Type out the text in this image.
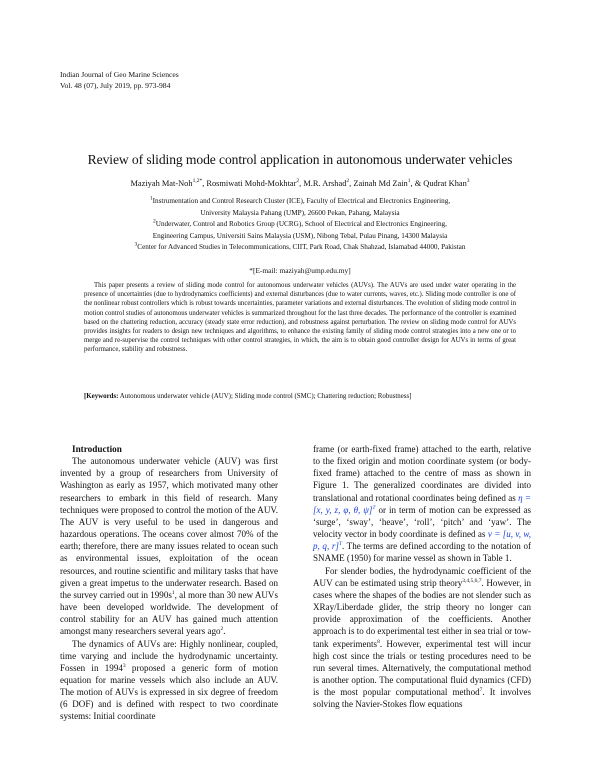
Indian Journal of Geo Marine Sciences
Vol. 48 (07), July 2019, pp. 973-984
Review of sliding mode control application in autonomous underwater vehicles
Maziyah Mat-Noh$^{1,2*}$, Rosmiwati Mohd-Mokhtar$^2$, M.R. Arshad$^2$, Zainah Md Zain$^1$, & Qudrat Khan$^3$
$^1$Instrumentation and Control Research Cluster (ICE), Faculty of Electrical and Electronics Engineering,
University Malaysia Pahang (UMP), 26600 Pekan, Pahang, Malaysia
$^2$Underwater, Control and Robotics Group (UCRG), School of Electrical and Electronics Engineering,
Engineering Campus, Universiti Sains Malaysia (USM), Nibong Tebal, Pulau Pinang, 14300 Malaysia
$^3$Center for Advanced Studies in Telecommunications, CIIT, Park Road, Chak Shahzad, Islamabad 44000, Pakistan
*[E-mail: maziyah@ump.edu.my]

This paper presents a review of sliding mode control for autonomous underwater vehicles (AUVs). The AUVs are used under water operating in the presence of uncertainties (due to hydrodynamics coefficients) and external disturbances (due to water currents, waves, etc.). Sliding mode controller is one of the nonlinear robust controllers which is robust towards uncertainties, parameter variations and external disturbances. The evolution of sliding mode control in motion control studies of autonomous underwater vehicles is summarized throughout for the last three decades. The performance of the controller is examined based on the chattering reduction, accuracy (steady state error reduction), and robustness against perturbation. The review on sliding mode control for AUVs provides insights for readers to design new techniques and algorithms, to enhance the existing family of sliding mode control strategies into a new one or to merge and re-supervise the control techniques with other control strategies, in which, the aim is to obtain good controller design for AUVs in terms of great performance, stability and robustness.

[Keywords: Autonomous underwater vehicle (AUV); Sliding mode control (SMC); Chattering reduction; Robustness]

Introduction

The autonomous underwater vehicle (AUV) was first invented by a group of researchers from University of Washington as early as 1957, which motivated many other researchers to embark in this field of research. Many techniques were proposed to control the motion of the AUV. The AUV is very useful to be used in dangerous and hazardous operations. The oceans cover almost 70% of the earth; therefore, there are many issues related to ocean such as environmental issues, exploitation of the ocean resources, and routine scientific and military tasks that have given a great impetus to the underwater research. Based on the survey carried out in $1990s^1$, al more than 30 new AUVs have been developed worldwide. The development of control stability for an AUV has gained much attention amongst many researchers several years ago$^2$.

The dynamics of AUVs are: Highly nonlinear, coupled, time varying and include the hydrodynamic uncertainty. Fossen in 1994$^3$ proposed a generic form of motion equation for marine vessels which also include an AUV. The motion of AUVs is expressed in six degree of freedom (6 DOF) and is defined with respect to two coordinate systems: Initial coordinate

frame (or earth-fixed frame) attached to the earth, relative to the fixed origin and motion coordinate system (or body-fixed frame) attached to the centre of mass as shown in Figure 1. The generalized coordinates are divided into translational and rotational coordinates being defined as η = [x, y, z, φ, θ, ψ]$^T$ or in term of motion can be expressed as ‘surge’, ‘sway’, ‘heave’, ‘roll’, ‘pitch’ and ‘yaw’. The velocity vector in body coordinate is defined as ν = [u, v, w, p, q, r]$^T$. The terms are defined according to the notation of SNAME (1950) for marine vessel as shown in Table 1.

For slender bodies, the hydrodynamic coefficient of the AUV can be estimated using strip theory$^{3,4,5,6,7}$. However, in cases where the shapes of the bodies are not slender such as XRay/Liberdade glider, the strip theory no longer can provide approximation of the coefficients. Another approach is to do experimental test either in sea trial or tow-tank experiments$^8$. However, experimental test will incur high cost since the trials or testing procedures need to be run several times. Alternatively, the computational method is another option. The computational fluid dynamics (CFD) is the most popular computational method$^7$. It involves solving the Navier-Stokes flow equations
